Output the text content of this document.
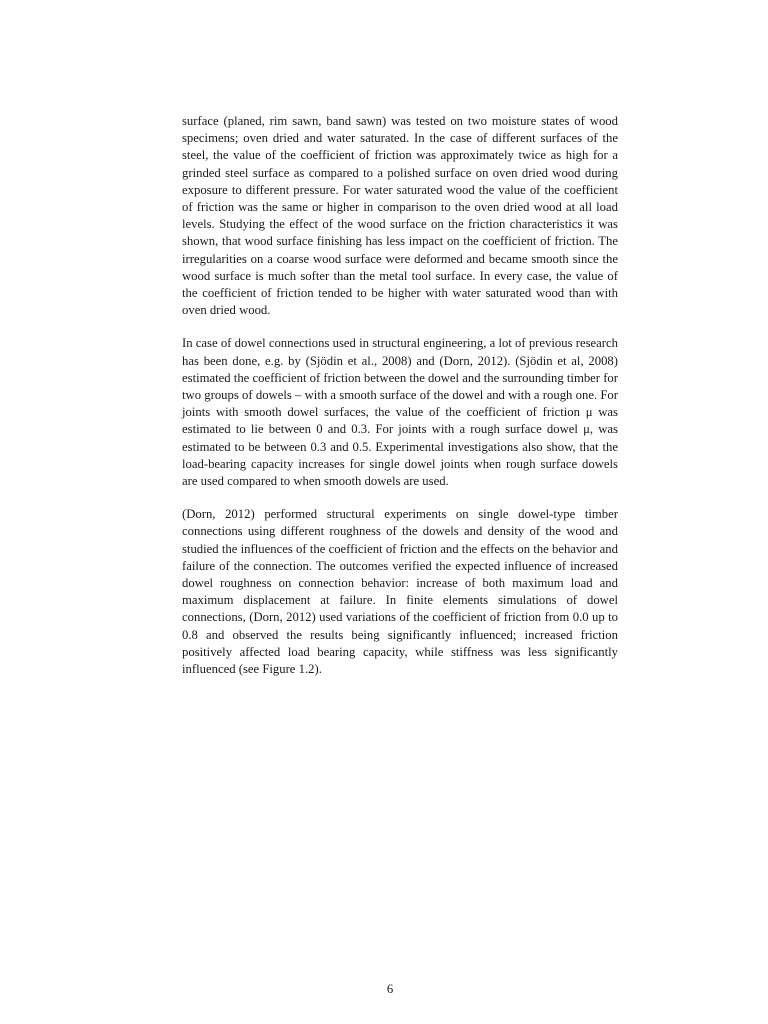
surface (planed, rim sawn, band sawn) was tested on two moisture states of wood specimens; oven dried and water saturated. In the case of different surfaces of the steel, the value of the coefficient of friction was approximately twice as high for a grinded steel surface as compared to a polished surface on oven dried wood during exposure to different pressure. For water saturated wood the value of the coefficient of friction was the same or higher in comparison to the oven dried wood at all load levels. Studying the effect of the wood surface on the friction characteristics it was shown, that wood surface finishing has less impact on the coefficient of friction. The irregularities on a coarse wood surface were deformed and became smooth since the wood surface is much softer than the metal tool surface. In every case, the value of the coefficient of friction tended to be higher with water saturated wood than with oven dried wood.

In case of dowel connections used in structural engineering, a lot of previous research has been done, e.g. by (Sjödin et al., 2008) and (Dorn, 2012). (Sjödin et al, 2008) estimated the coefficient of friction between the dowel and the surrounding timber for two groups of dowels – with a smooth surface of the dowel and with a rough one. For joints with smooth dowel surfaces, the value of the coefficient of friction μ was estimated to lie between 0 and 0.3. For joints with a rough surface dowel μ, was estimated to be between 0.3 and 0.5. Experimental investigations also show, that the load-bearing capacity increases for single dowel joints when rough surface dowels are used compared to when smooth dowels are used.

(Dorn, 2012) performed structural experiments on single dowel-type timber connections using different roughness of the dowels and density of the wood and studied the influences of the coefficient of friction and the effects on the behavior and failure of the connection. The outcomes verified the expected influence of increased dowel roughness on connection behavior: increase of both maximum load and maximum displacement at failure. In finite elements simulations of dowel connections, (Dorn, 2012) used variations of the coefficient of friction from 0.0 up to 0.8 and observed the results being significantly influenced; increased friction positively affected load bearing capacity, while stiffness was less significantly influenced (see Figure 1.2).

6
